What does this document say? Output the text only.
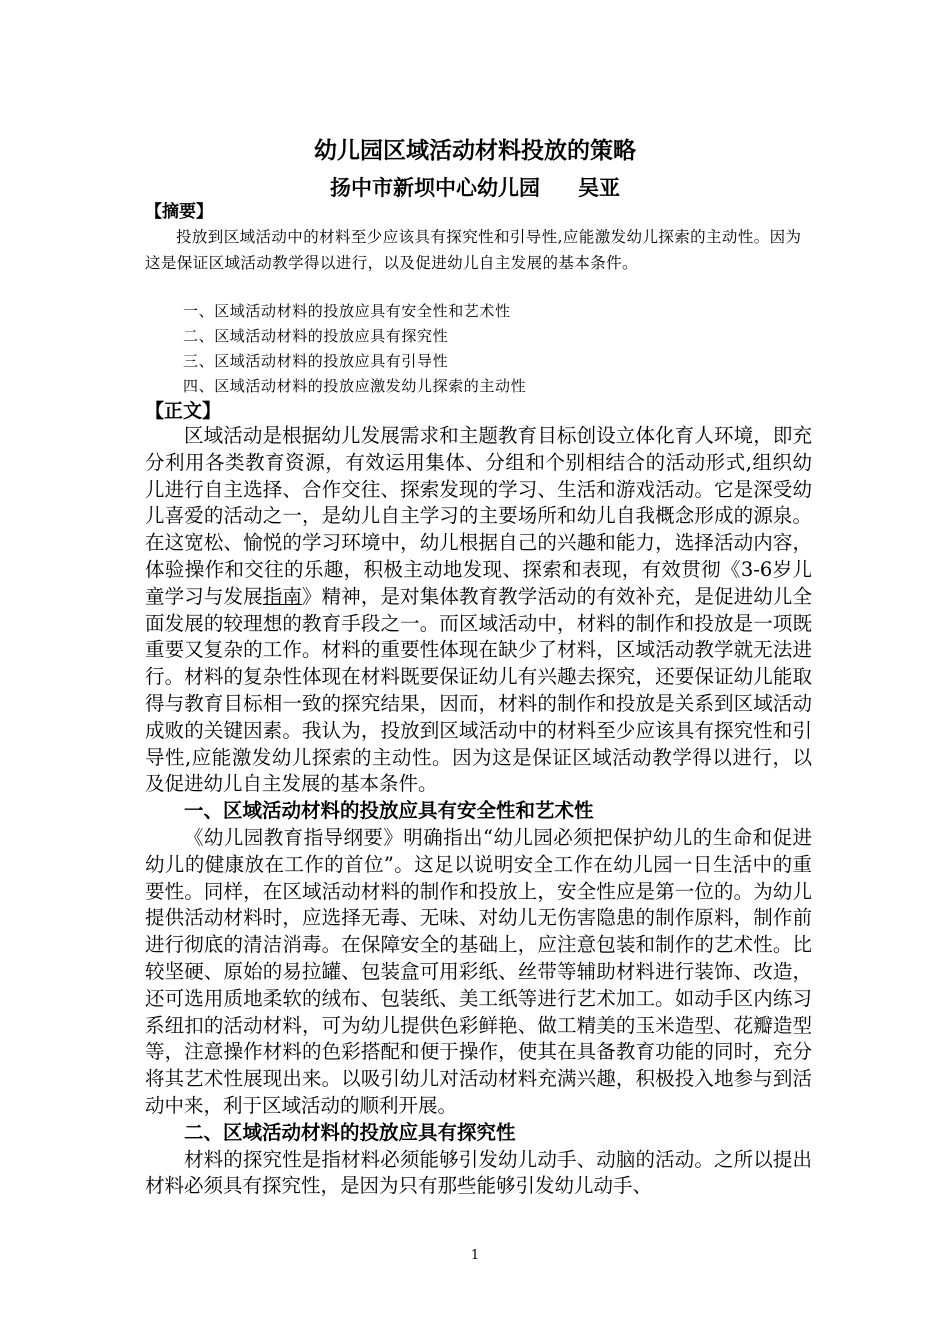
幼儿园区域活动材料投放的策略
扬中市新坝中心幼儿园 吴亚
【摘要】

投放到区域活动中的材料至少应该具有探究性和引导性,应能激发幼儿探索的主动性。因为这是保证区域活动教学得以进行，以及促进幼儿自主发展的基本条件。

一、区域活动材料的投放应具有安全性和艺术性
二、区域活动材料的投放应具有探究性
三、区域活动材料的投放应具有引导性
四、区域活动材料的投放应激发幼儿探索的主动性
【正文】

区域活动是根据幼儿发展需求和主题教育目标创设立体化育人环境，即充分利用各类教育资源，有效运用集体、分组和个别相结合的活动形式,组织幼儿进行自主选择、合作交往、探索发现的学习、生活和游戏活动。它是深受幼儿喜爱的活动之一，是幼儿自主学习的主要场所和幼儿自我概念形成的源泉。在这宽松、愉悦的学习环境中，幼儿根据自己的兴趣和能力，选择活动内容，体验操作和交往的乐趣，积极主动地发现、探索和表现，有效贯彻《3-6岁儿童学习与发展指南》精神，是对集体教育教学活动的有效补充，是促进幼儿全面发展的较理想的教育手段之一。而区域活动中，材料的制作和投放是一项既重要又复杂的工作。材料的重要性体现在缺少了材料，区域活动教学就无法进行。材料的复杂性体现在材料既要保证幼儿有兴趣去探究，还要保证幼儿能取得与教育目标相一致的探究结果，因而，材料的制作和投放是关系到区域活动成败的关键因素。我认为，投放到区域活动中的材料至少应该具有探究性和引导性,应能激发幼儿探索的主动性。因为这是保证区域活动教学得以进行，以及促进幼儿自主发展的基本条件。

一、区域活动材料的投放应具有安全性和艺术性

《幼儿园教育指导纲要》明确指出“幼儿园必须把保护幼儿的生命和促进幼儿的健康放在工作的首位”。这足以说明安全工作在幼儿园一日生活中的重要性。同样，在区域活动材料的制作和投放上，安全性应是第一位的。为幼儿提供活动材料时，应选择无毒、无味、对幼儿无伤害隐患的制作原料，制作前进行彻底的清洁消毒。在保障安全的基础上，应注意包装和制作的艺术性。比较坚硬、原始的易拉罐、包装盒可用彩纸、丝带等辅助材料进行装饰、改造，还可选用质地柔软的绒布、包装纸、美工纸等进行艺术加工。如动手区内练习系纽扣的活动材料，可为幼儿提供色彩鲜艳、做工精美的玉米造型、花瓣造型等，注意操作材料的色彩搭配和便于操作，使其在具备教育功能的同时，充分将其艺术性展现出来。以吸引幼儿对活动材料充满兴趣，积极投入地参与到活动中来，利于区域活动的顺利开展。

二、区域活动材料的投放应具有探究性

材料的探究性是指材料必须能够引发幼儿动手、动脑的活动。之所以提出材料必须具有探究性，是因为只有那些能够引发幼儿动手、

1
